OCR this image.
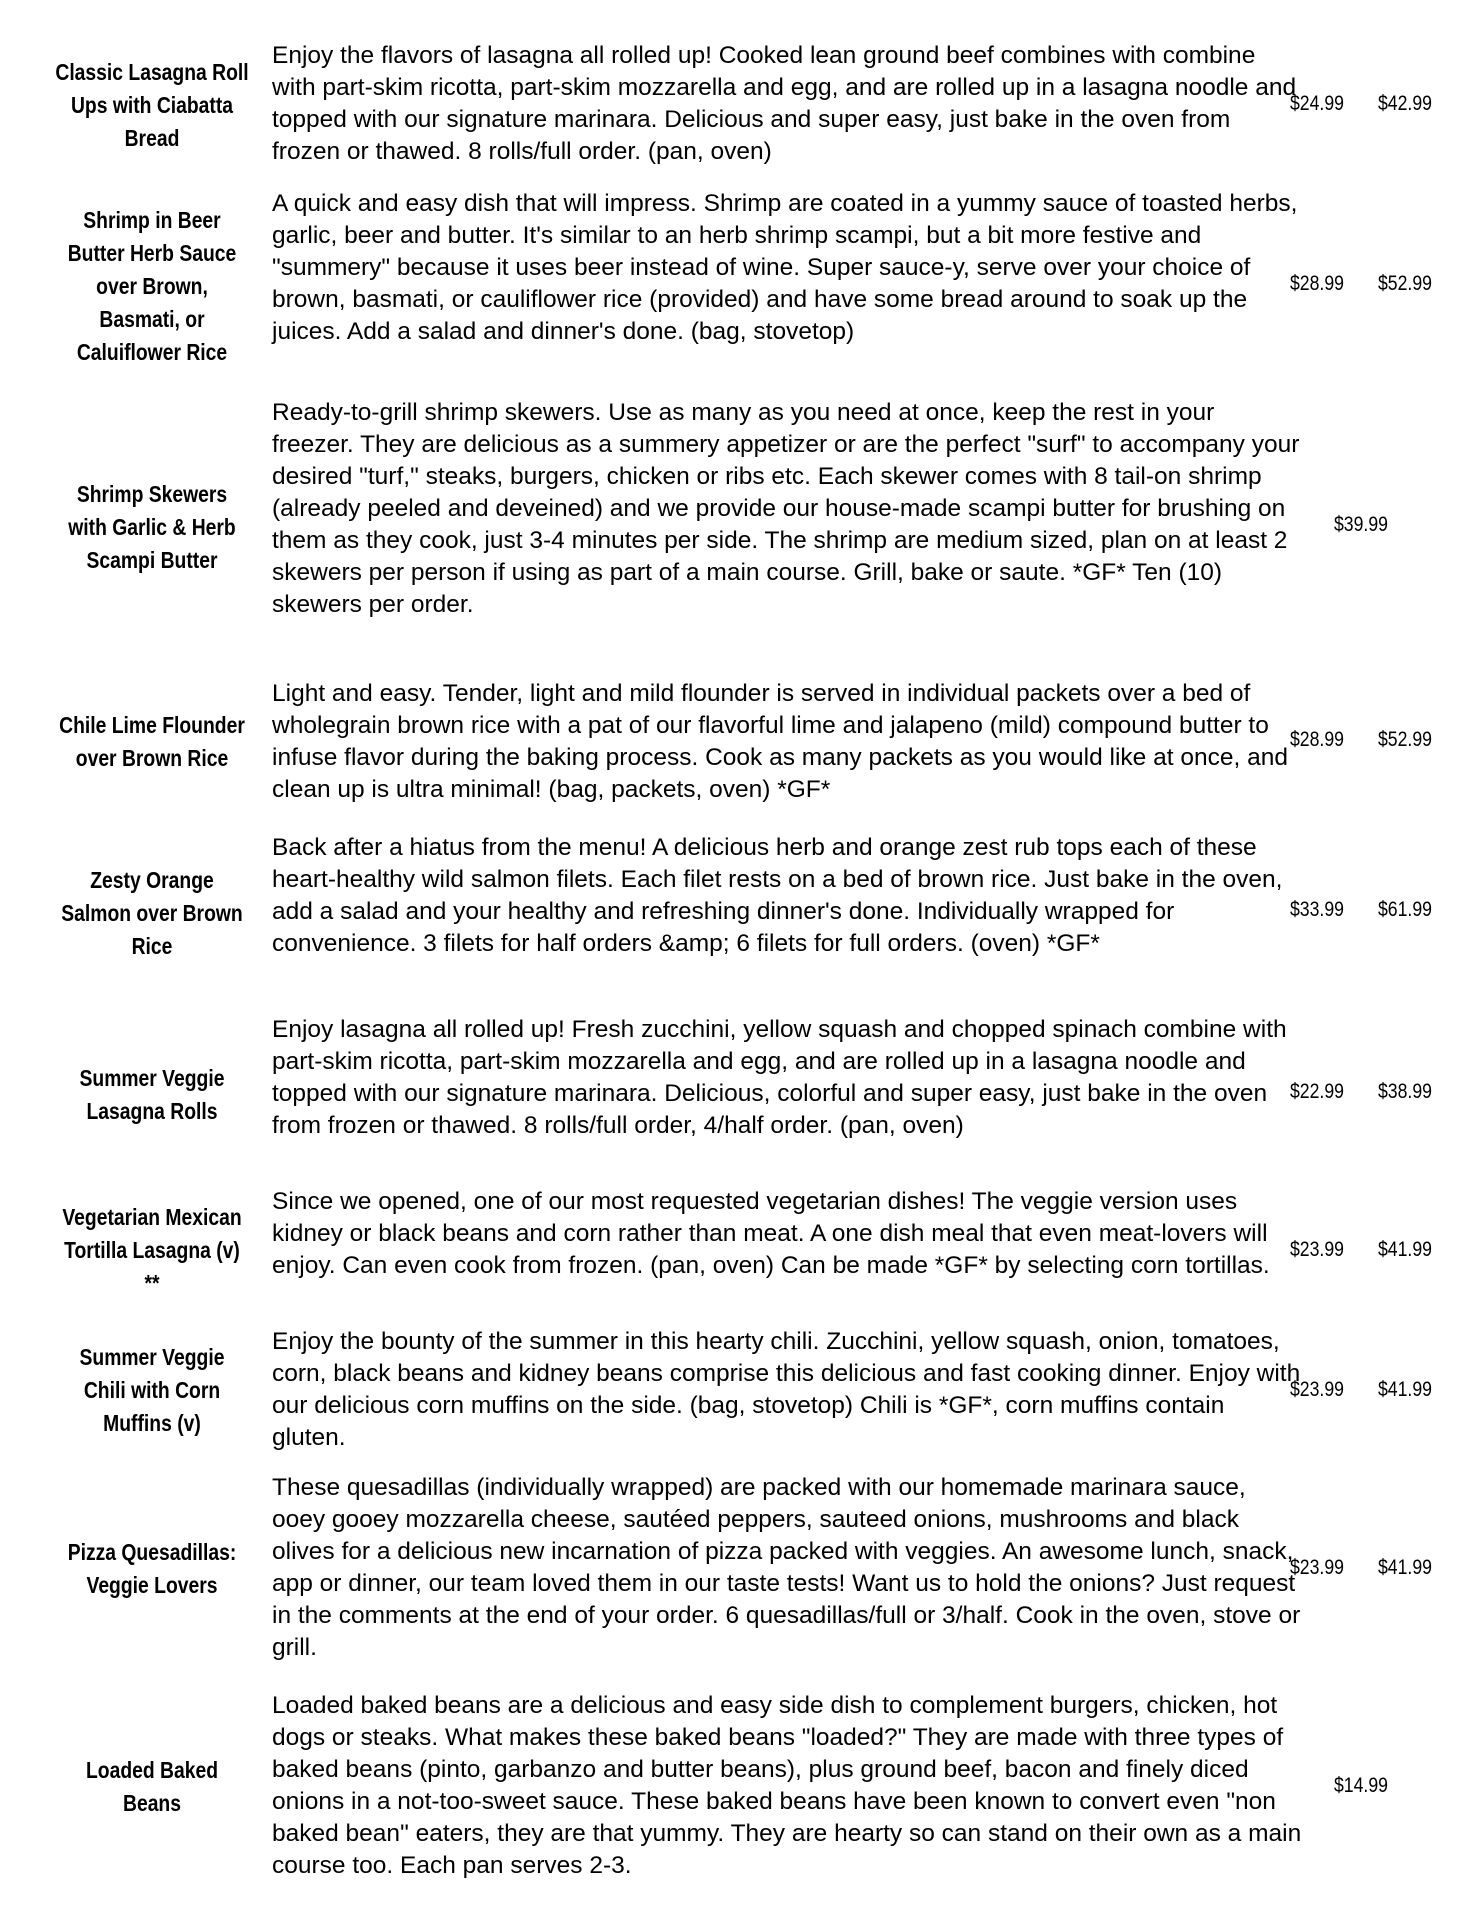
Classic Lasagna Roll
Ups with Ciabatta
Bread
Enjoy the flavors of lasagna all rolled up! Cooked lean ground beef combines with combine with part-skim ricotta, part-skim mozzarella and egg, and are rolled up in a lasagna noodle and topped with our signature marinara. Delicious and super easy, just bake in the oven from frozen or thawed. 8 rolls/full order. (pan, oven)
$24.99 $42.99
Shrimp in Beer
Butter Herb Sauce
over Brown,
Basmati, or
Caluiflower Rice
A quick and easy dish that will impress. Shrimp are coated in a yummy sauce of toasted herbs, garlic, beer and butter. It's similar to an herb shrimp scampi, but a bit more festive and "summery" because it uses beer instead of wine. Super sauce-y, serve over your choice of brown, basmati, or cauliflower rice (provided) and have some bread around to soak up the juices. Add a salad and dinner's done. (bag, stovetop)
$28.99 $52.99
Shrimp Skewers
with Garlic & Herb
Scampi Butter
Ready-to-grill shrimp skewers. Use as many as you need at once, keep the rest in your freezer. They are delicious as a summery appetizer or are the perfect "surf" to accompany your desired "turf," steaks, burgers, chicken or ribs etc. Each skewer comes with 8 tail-on shrimp (already peeled and deveined) and we provide our house-made scampi butter for brushing on them as they cook, just 3-4 minutes per side. The shrimp are medium sized, plan on at least 2 skewers per person if using as part of a main course. Grill, bake or saute. *GF* Ten (10) skewers per order.
$39.99
Chile Lime Flounder
over Brown Rice
Light and easy. Tender, light and mild flounder is served in individual packets over a bed of wholegrain brown rice with a pat of our flavorful lime and jalapeno (mild) compound butter to infuse flavor during the baking process. Cook as many packets as you would like at once, and clean up is ultra minimal! (bag, packets, oven) *GF*
$28.99 $52.99
Zesty Orange
Salmon over Brown
Rice
Back after a hiatus from the menu! A delicious herb and orange zest rub tops each of these heart-healthy wild salmon filets. Each filet rests on a bed of brown rice. Just bake in the oven, add a salad and your healthy and refreshing dinner's done. Individually wrapped for convenience. 3 filets for half orders &amp; 6 filets for full orders. (oven) *GF*
$33.99 $61.99
Summer Veggie
Lasagna Rolls
Enjoy lasagna all rolled up! Fresh zucchini, yellow squash and chopped spinach combine with part-skim ricotta, part-skim mozzarella and egg, and are rolled up in a lasagna noodle and topped with our signature marinara. Delicious, colorful and super easy, just bake in the oven from frozen or thawed. 8 rolls/full order, 4/half order. (pan, oven)
$22.99 $38.99
Vegetarian Mexican
Tortilla Lasagna (v)
**
Since we opened, one of our most requested vegetarian dishes! The veggie version uses kidney or black beans and corn rather than meat. A one dish meal that even meat-lovers will enjoy. Can even cook from frozen. (pan, oven) Can be made *GF* by selecting corn tortillas.
$23.99 $41.99
Summer Veggie
Chili with Corn
Muffins (v)
Enjoy the bounty of the summer in this hearty chili. Zucchini, yellow squash, onion, tomatoes, corn, black beans and kidney beans comprise this delicious and fast cooking dinner. Enjoy with our delicious corn muffins on the side. (bag, stovetop) Chili is *GF*, corn muffins contain gluten.
$23.99 $41.99
Pizza Quesadillas:
Veggie Lovers
These quesadillas (individually wrapped) are packed with our homemade marinara sauce, ooey gooey mozzarella cheese, sautéed peppers, sauteed onions, mushrooms and black olives for a delicious new incarnation of pizza packed with veggies. An awesome lunch, snack, app or dinner, our team loved them in our taste tests! Want us to hold the onions? Just request in the comments at the end of your order. 6 quesadillas/full or 3/half. Cook in the oven, stove or grill.
$23.99 $41.99
Loaded Baked
Beans
Loaded baked beans are a delicious and easy side dish to complement burgers, chicken, hot dogs or steaks. What makes these baked beans "loaded?" They are made with three types of baked beans (pinto, garbanzo and butter beans), plus ground beef, bacon and finely diced onions in a not-too-sweet sauce. These baked beans have been known to convert even "non baked bean" eaters, they are that yummy. They are hearty so can stand on their own as a main course too. Each pan serves 2-3.
$14.99
